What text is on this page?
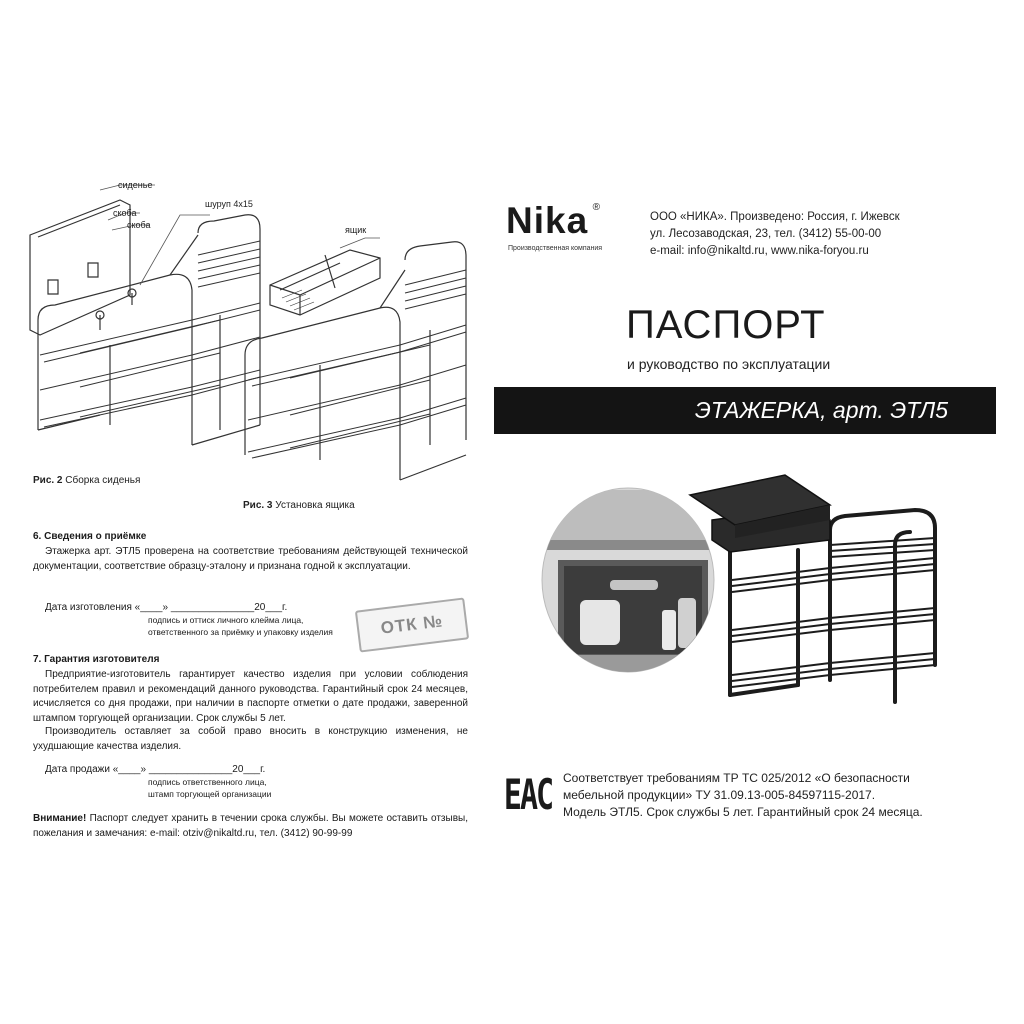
сиденье
скоба
скоба
шуруп 4х15
ящик
Рис. 2 Сборка сиденья
Рис. 3 Установка ящика
6. Сведения о приёмке
Этажерка арт. ЭТЛ5 проверена на соответствие требованиям действующей технической документации, соответствие образцу-эталону и признана годной к эксплуатации.
Дата изготовления «____» _______________20___г.
подпись и оттиск личного клейма лица,
ответственного за приёмку и упаковку изделия	ОТК №
7. Гарантия изготовителя
Предприятие-изготовитель гарантирует качество изделия при условии соблюдения потребителем правил и рекомендаций данного руководства. Гарантийный срок 24 месяцев, исчисляется со дня продажи, при наличии в паспорте отметки о дате продажи, заверенной штампом торгующей организации. Срок службы 5 лет.
Производитель оставляет за собой право вносить в конструкцию изменения, не ухудшающие качества изделия.
Дата продажи «____» _______________20___г.
подпись ответственного лица,
штамп торгующей организации
Внимание! Паспорт следует хранить в течении срока службы. Вы можете оставить отзывы, пожелания и замечания: e-mail: otziv@nikaltd.ru, тел. (3412) 90-99-99
Nika ®
Производственная компания
ООО «НИКА». Произведено: Россия, г. Ижевск
ул. Лесозаводская, 23, тел. (3412) 55-00-00
e-mail: info@nikaltd.ru, www.nika-foryou.ru
ПАСПОРТ
и руководство по эксплуатации
ЭТАЖЕРКА, арт. ЭТЛ5
EAC Соответствует требованиям ТР ТС 025/2012 «О безопасности
мебельной продукции» ТУ 31.09.13-005-84597115-2017.
Модель ЭТЛ5. Срок службы 5 лет. Гарантийный срок 24 месяца.
